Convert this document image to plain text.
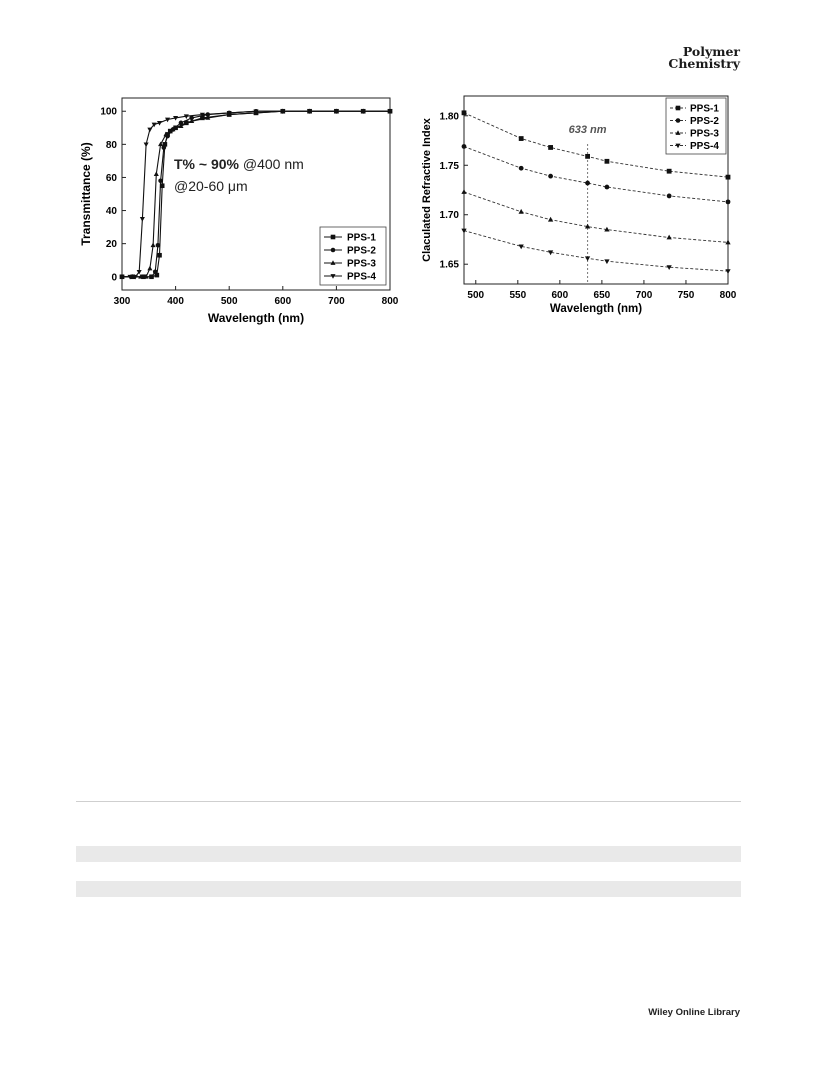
Polymer
Chemistry
300	400	500	600	700	800
0
20
40
60
80
100
Wavelength (nm)
Transmittance (%)	T% ~ 90% @400 nm
@20-60 μm
PPS-1
PPS-2
PPS-3
PPS-4
500	550	600	650	700	750	800
1.65
1.70
1.75
1.80
Wavelength (nm)
Claculated Refractive Index	633 nm
PPS-1
PPS-2
PPS-3
PPS-4
Wiley Online Library
